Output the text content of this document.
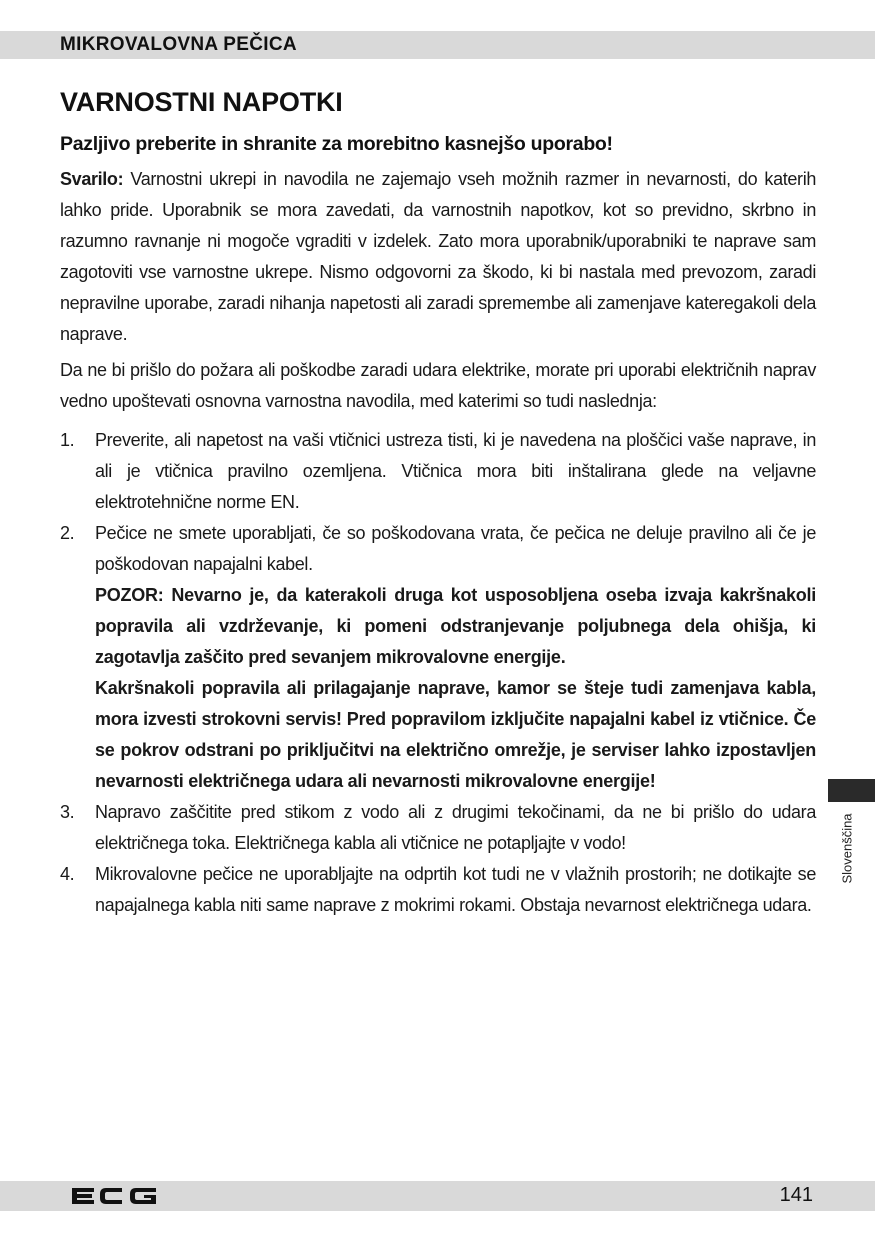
MIKROVALOVNA PEČICA
VARNOSTNI NAPOTKI
Pazljivo preberite in shranite za morebitno kasnejšo uporabo!

Svarilo: Varnostni ukrepi in navodila ne zajemajo vseh možnih razmer in nevarnosti, do katerih lahko pride. Uporabnik se mora zavedati, da varnostnih napotkov, kot so previdno, skrbno in razumno ravnanje ni mogoče vgraditi v izdelek. Zato mora uporabnik/uporabniki te naprave sam zagotoviti vse varnostne ukrepe. Nismo odgovorni za škodo, ki bi nastala med prevozom, zaradi nepravilne uporabe, zaradi nihanja napetosti ali zaradi spremembe ali zamenjave kateregakoli dela naprave.

Da ne bi prišlo do požara ali poškodbe zaradi udara elektrike, morate pri uporabi električnih naprav vedno upoštevati osnovna varnostna navodila, med katerimi so tudi naslednja:

1. Preverite, ali napetost na vaši vtičnici ustreza tisti, ki je navedena na ploščici vaše naprave, in ali je vtičnica pravilno ozemljena. Vtičnica mora biti inštalirana glede na veljavne elektrotehnične norme EN.
2. Pečice ne smete uporabljati, če so poškodovana vrata, če pečica ne deluje pravilno ali če je poškodovan napajalni kabel.
POZOR: Nevarno je, da katerakoli druga kot usposobljena oseba izvaja kakršnakoli popravila ali vzdrževanje, ki pomeni odstranjevanje poljubnega dela ohišja, ki zagotavlja zaščito pred sevanjem mikrovalovne energije.
Kakršnakoli popravila ali prilagajanje naprave, kamor se šteje tudi zamenjava kabla, mora izvesti strokovni servis! Pred popravilom izključite napajalni kabel iz vtičnice. Če se pokrov odstrani po priključitvi na električno omrežje, je serviser lahko izpostavljen nevarnosti električnega udara ali nevarnosti mikrovalovne energije!
3. Napravo zaščitite pred stikom z vodo ali z drugimi tekočinami, da ne bi prišlo do udara električnega toka. Električnega kabla ali vtičnice ne potapljajte v vodo!
4. Mikrovalovne pečice ne uporabljajte na odprtih kot tudi ne v vlažnih prostorih; ne dotikajte se napajalnega kabla niti same naprave z mokrimi rokami. Obstaja nevarnost električnega udara.
Slovenščina
141
